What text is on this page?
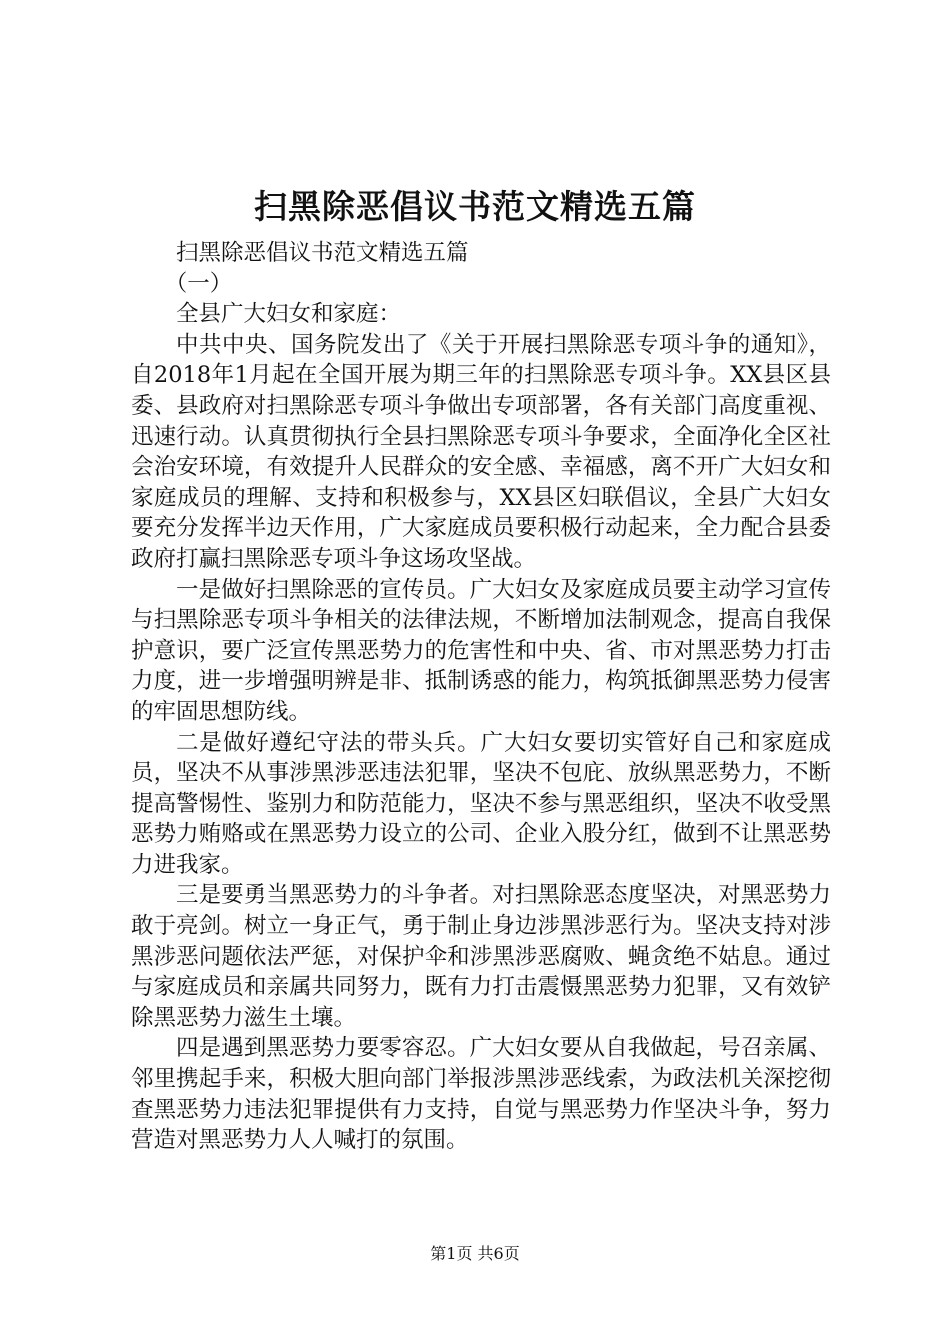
扫黑除恶倡议书范文精选五篇

扫黑除恶倡议书范文精选五篇

（一）

全县广大妇女和家庭：

中共中央、国务院发出了《关于开展扫黑除恶专项斗争的通知》，自2018年1月起在全国开展为期三年的扫黑除恶专项斗争。XX县区县委、县政府对扫黑除恶专项斗争做出专项部署，各有关部门高度重视、迅速行动。认真贯彻执行全县扫黑除恶专项斗争要求，全面净化全区社会治安环境，有效提升人民群众的安全感、幸福感，离不开广大妇女和家庭成员的理解、支持和积极参与，XX县区妇联倡议，全县广大妇女要充分发挥半边天作用，广大家庭成员要积极行动起来，全力配合县委政府打赢扫黑除恶专项斗争这场攻坚战。

一是做好扫黑除恶的宣传员。广大妇女及家庭成员要主动学习宣传与扫黑除恶专项斗争相关的法律法规，不断增加法制观念，提高自我保护意识，要广泛宣传黑恶势力的危害性和中央、省、市对黑恶势力打击力度，进一步增强明辨是非、抵制诱惑的能力，构筑抵御黑恶势力侵害的牢固思想防线。

二是做好遵纪守法的带头兵。广大妇女要切实管好自己和家庭成员，坚决不从事涉黑涉恶违法犯罪，坚决不包庇、放纵黑恶势力，不断提高警惕性、鉴别力和防范能力，坚决不参与黑恶组织，坚决不收受黑恶势力贿赂或在黑恶势力设立的公司、企业入股分红，做到不让黑恶势力进我家。

三是要勇当黑恶势力的斗争者。对扫黑除恶态度坚决，对黑恶势力敢于亮剑。树立一身正气，勇于制止身边涉黑涉恶行为。坚决支持对涉黑涉恶问题依法严惩，对保护伞和涉黑涉恶腐败、蝇贪绝不姑息。通过与家庭成员和亲属共同努力，既有力打击震慑黑恶势力犯罪，又有效铲除黑恶势力滋生土壤。

四是遇到黑恶势力要零容忍。广大妇女要从自我做起，号召亲属、邻里携起手来，积极大胆向部门举报涉黑涉恶线索，为政法机关深挖彻查黑恶势力违法犯罪提供有力支持，自觉与黑恶势力作坚决斗争，努力营造对黑恶势力人人喊打的氛围。

第1页 共6页
